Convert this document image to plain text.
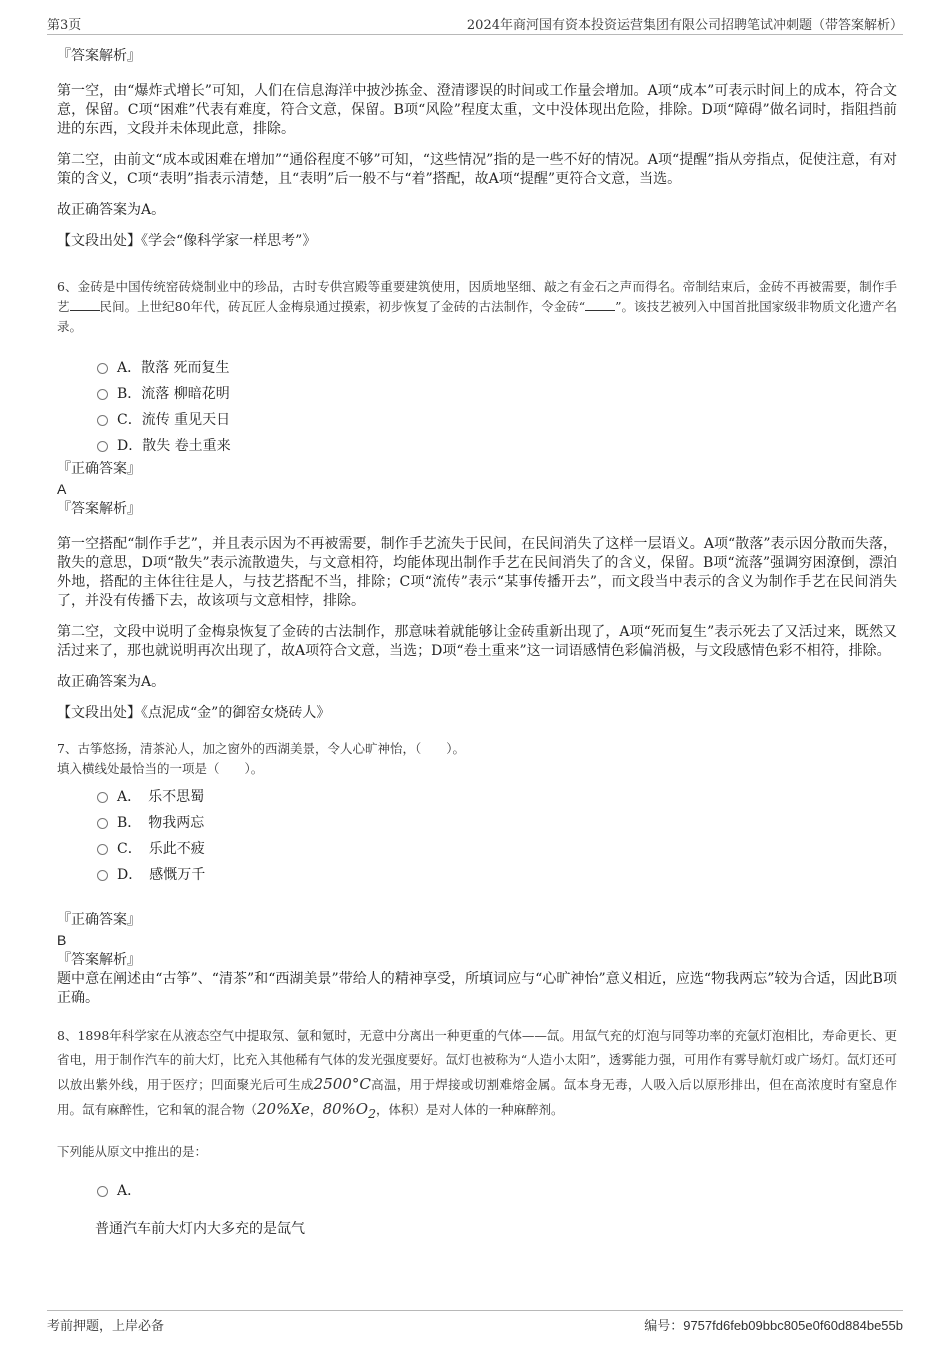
第3页	2024年商河国有资本投资运营集团有限公司招聘笔试冲刺题（带答案解析）

『答案解析』

第一空，由“爆炸式增长”可知，人们在信息海洋中披沙拣金、澄清谬误的时间或工作量会增加。A项“成本”可表示时间上的成本，符合文意，保留。C项“困难”代表有难度，符合文意，保留。B项“风险”程度太重，文中没体现出危险，排除。D项“障碍”做名词时，指阻挡前进的东西，文段并未体现此意，排除。

第二空，由前文“成本或困难在增加”“通俗程度不够”可知，“这些情况”指的是一些不好的情况。A项“提醒”指从旁指点，促使注意，有对策的含义，C项“表明”指表示清楚，且“表明”后一般不与“着”搭配，故A项“提醒”更符合文意，当选。

故正确答案为A。

【文段出处】《学会“像科学家一样思考”》

6、金砖是中国传统窑砖烧制业中的珍品，古时专供宫殿等重要建筑使用，因质地坚细、敲之有金石之声而得名。帝制结束后，金砖不再被需要，制作手艺 民间。上世纪80年代，砖瓦匠人金梅泉通过摸索，初步恢复了金砖的古法制作，令金砖“ ”。该技艺被列入中国首批国家级非物质文化遗产名录。

A．散落 死而复生
B．流落 柳暗花明
C．流传 重见天日
D．散失 卷土重来

『正确答案』

A

『答案解析』

第一空搭配“制作手艺”，并且表示因为不再被需要，制作手艺流失于民间，在民间消失了这样一层语义。A项“散落”表示因分散而失落，散失的意思，D项“散失”表示流散遗失，与文意相符，均能体现出制作手艺在民间消失了的含义，保留。B项“流落”强调穷困潦倒，漂泊外地，搭配的主体往往是人，与技艺搭配不当，排除；C项“流传”表示“某事传播开去”，而文段当中表示的含义为制作手艺在民间消失了，并没有传播下去，故该项与文意相悖，排除。

第二空，文段中说明了金梅泉恢复了金砖的古法制作，那意味着就能够让金砖重新出现了，A项“死而复生”表示死去了又活过来，既然又活过来了，那也就说明再次出现了，故A项符合文意，当选；D项“卷土重来”这一词语感情色彩偏消极，与文段感情色彩不相符，排除。

故正确答案为A。

【文段出处】《点泥成“金”的御窑女烧砖人》

7、古筝悠扬，清茶沁人，加之窗外的西湖美景，令人心旷神怡，（　　）。

填入横线处最恰当的一项是（　　）。

A．　乐不思蜀
B．　物我两忘
C．　乐此不疲
D．　感慨万千

『正确答案』

B

『答案解析』

题中意在阐述由“古筝”、“清茶”和“西湖美景”带给人的精神享受，所填词应与“心旷神怡”意义相近，应选“物我两忘”较为合适，因此B项正确。

8、1898年科学家在从液态空气中提取氖、氩和氪时，无意中分离出一种更重的气体——氙。用氙气充的灯泡与同等功率的充氩灯泡相比，寿命更长、更省电，用于制作汽车的前大灯，比充入其他稀有气体的发光强度要好。氙灯也被称为“人造小太阳”，透雾能力强，可用作有雾导航灯或广场灯。氙灯还可以放出紫外线，用于医疗；凹面聚光后可生成2500°C高温，用于焊接或切割难熔金属。氙本身无毒，人吸入后以原形排出，但在高浓度时有窒息作用。氙有麻醉性，它和氧的混合物（20%Xe，$80\%O_2$，体积）是对人体的一种麻醉剂。

下列能从原文中推出的是：

A．

普通汽车前大灯内大多充的是氙气

考前押题，上岸必备	编号：9757fd6feb09bbc805e0f60d884be55b
